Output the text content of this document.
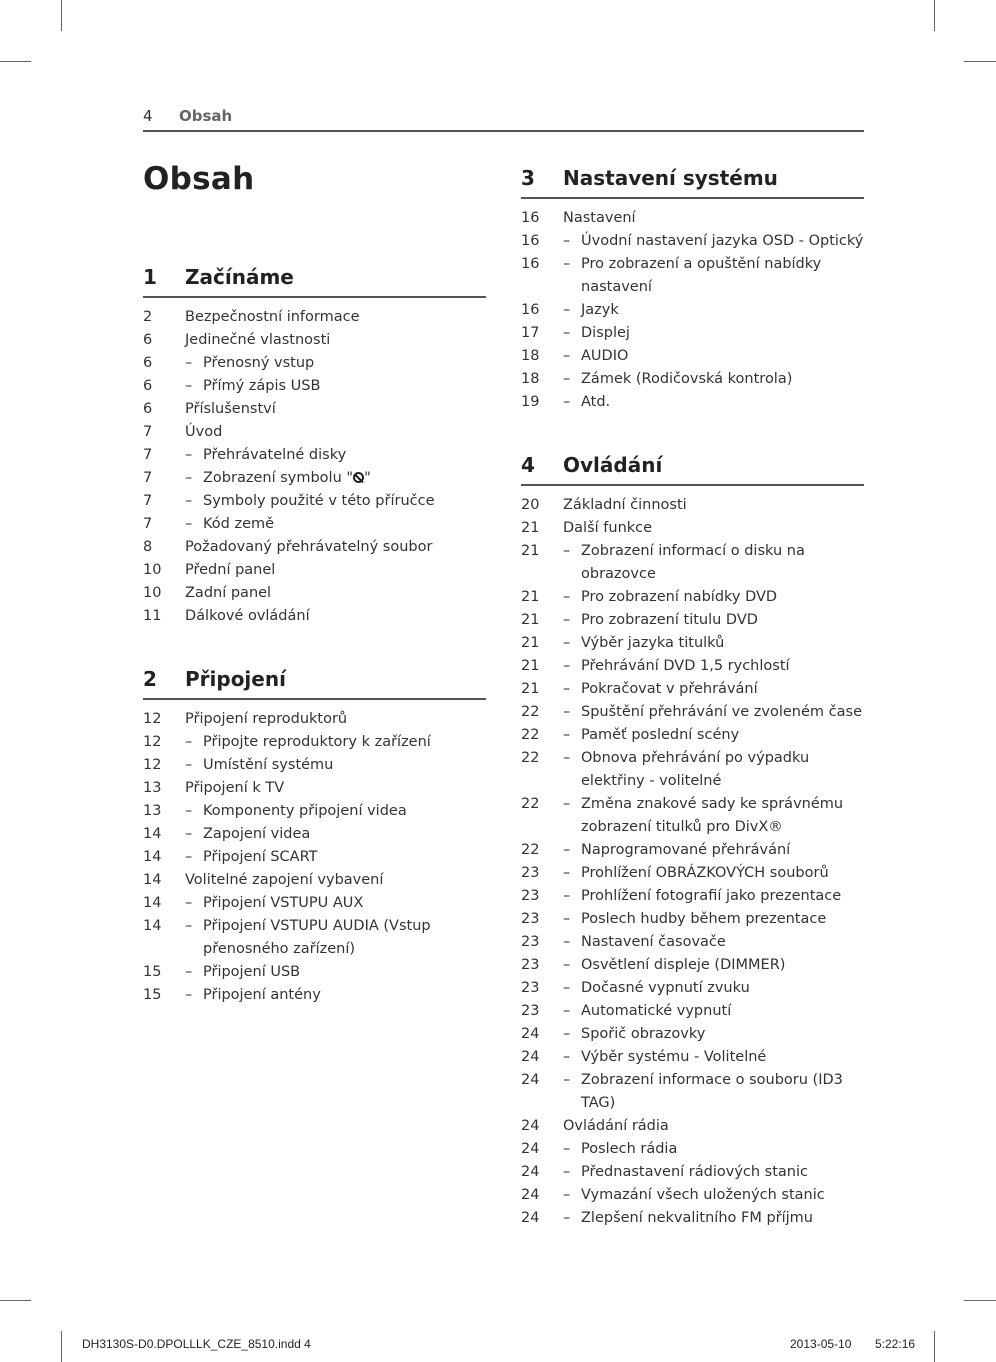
4 Obsah
Obsah
1 Začínáme
2	Bezpečnostní informace
6	Jedinečné vlastnosti
6	– Přenosný vstup
6	– Přímý zápis USB
6	Příslušenství
7	Úvod
7	– Přehrávatelné disky
7	– Zobrazení symbolu " "
7	– Symboly použité v této příručce
7	– Kód země
8	Požadovaný přehrávatelný soubor
10	Přední panel
10	Zadní panel
11	Dálkové ovládání
2 Připojení
12	Připojení reproduktorů
12	– Připojte reproduktory k zařízení
12	– Umístění systému
13	Připojení k TV
13	– Komponenty připojení videa
14	– Zapojení videa
14	– Připojení SCART
14	Volitelné zapojení vybavení
14	– Připojení VSTUPU AUX
14	– Připojení VSTUPU AUDIA (Vstup přenosného zařízení)
15	– Připojení USB
15	– Připojení antény
3 Nastavení systému
16	Nastavení
16	– Úvodní nastavení jazyka OSD - Optický
16	– Pro zobrazení a opuštění nabídky nastavení
16	– Jazyk
17	– Displej
18	– AUDIO
18	– Zámek (Rodičovská kontrola)
19	– Atd.
4 Ovládání
20	Základní činnosti
21	Další funkce
21	– Zobrazení informací o disku na obrazovce
21	– Pro zobrazení nabídky DVD
21	– Pro zobrazení titulu DVD
21	– Výběr jazyka titulků
21	– Přehrávání DVD 1,5 rychlostí
21	– Pokračovat v přehrávání
22	– Spuštění přehrávání ve zvoleném čase
22	– Paměť poslední scény
22	– Obnova přehrávání po výpadku elektřiny - volitelné
22	– Změna znakové sady ke správnému zobrazení titulků pro DivX®
22	– Naprogramované přehrávání
23	– Prohlížení OBRÁZKOVÝCH souborů
23	– Prohlížení fotografií jako prezentace
23	– Poslech hudby během prezentace
23	– Nastavení časovače
23	– Osvětlení displeje (DIMMER)
23	– Dočasné vypnutí zvuku
23	– Automatické vypnutí
24	– Spořič obrazovky
24	– Výběr systému - Volitelné
24	– Zobrazení informace o souboru (ID3 TAG)
24	Ovládání rádia
24	– Poslech rádia
24	– Přednastavení rádiových stanic
24	– Vymazání všech uložených stanic
24	– Zlepšení nekvalitního FM příjmu
DH3130S-D0.DPOLLLK_CZE_8510.indd 4	2013-05-10 5:22:16
